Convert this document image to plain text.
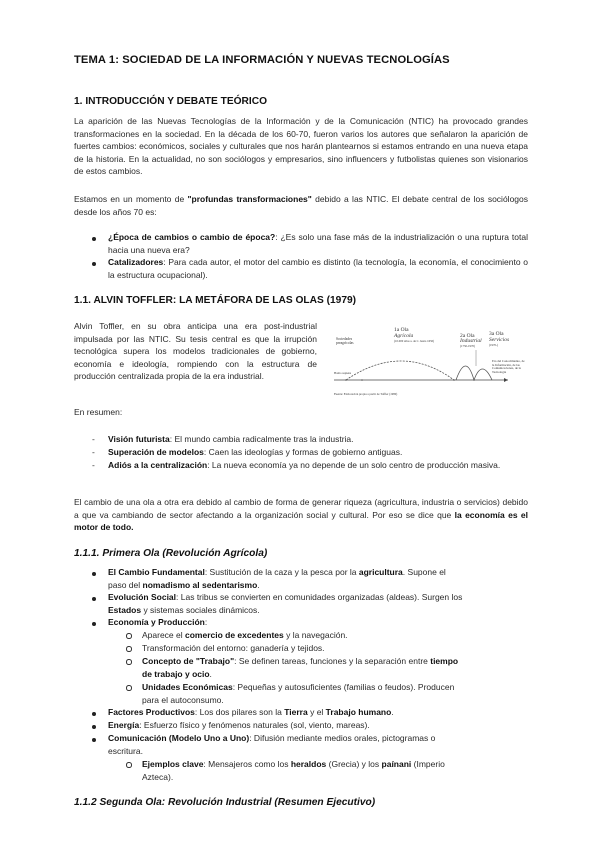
TEMA 1: SOCIEDAD DE LA INFORMACIÓN Y NUEVAS TECNOLOGÍAS
1. INTRODUCCIÓN Y DEBATE TEÓRICO

La aparición de las Nuevas Tecnologías de la Información y de la Comunicación (NTIC) ha provocado grandes transformaciones en la sociedad. En la década de los 60-70, fueron varios los autores que señalaron la aparición de fuertes cambios: económicos, sociales y culturales que nos harán plantearnos si estamos entrando en una nueva etapa de la historia. En la actualidad, no son sociólogos y empresarios, sino influencers y futbolistas quienes son visionarios de estos cambios.

Estamos en un momento de "profundas transformaciones" debido a las NTIC. El debate central de los sociólogos desde los años 70 es:

¿Época de cambios o cambio de época?: ¿Es solo una fase más de la industrialización o una ruptura total hacia una nueva era?

Catalizadores: Para cada autor, el motor del cambio es distinto (la tecnología, la economía, el conocimiento o la estructura ocupacional).

1.1. ALVIN TOFFLER: LA METÁFORA DE LAS OLAS (1979)

Alvin Toffler, en su obra anticipa una era post-industrial impulsada por las NTIC. Su tesis central es que la irrupción tecnológica supera los modelos tradicionales de gobierno, economía e ideología, rompiendo con la estructura de producción centralizada propia de la era industrial.

1a Ola
Agrícola
(10.000 años a. de C. hasta 1650)
2a Ola
Industrial
(1750-1970)
3a Ola
Servicios
(1970-)
Sociedades
preagrícolas
Homo sapiens
Fuente: Elaboración propia a partir de Toffler (1980)
Era del Conocimiento, de la Información, de las Comunicaciones, de la Tecnología
En resumen:
- Visión futurista: El mundo cambia radicalmente tras la industria.
- Superación de modelos: Caen las ideologías y formas de gobierno antiguas.
- Adiós a la centralización: La nueva economía ya no depende de un solo centro de producción masiva.

El cambio de una ola a otra era debido al cambio de forma de generar riqueza (agricultura, industria o servicios) debido a que va cambiando de sector afectando a la organización social y cultural. Por eso se dice que la economía es el motor de todo.

1.1.1. Primera Ola (Revolución Agrícola)
El Cambio Fundamental: Sustitución de la caza y la pesca por la agricultura. Supone el
paso del nomadismo al sedentarismo.
Evolución Social: Las tribus se convierten en comunidades organizadas (aldeas). Surgen los
Estados y sistemas sociales dinámicos.
Economía y Producción:
Aparece el comercio de excedentes y la navegación.
Transformación del entorno: ganadería y tejidos.
Concepto de "Trabajo": Se definen tareas, funciones y la separación entre tiempo
de trabajo y ocio.
Unidades Económicas: Pequeñas y autosuficientes (familias o feudos). Producen
para el autoconsumo.
Factores Productivos: Los dos pilares son la Tierra y el Trabajo humano.
Energía: Esfuerzo físico y fenómenos naturales (sol, viento, mareas).
Comunicación (Modelo Uno a Uno): Difusión mediante medios orales, pictogramas o
escritura.
Ejemplos clave: Mensajeros como los heraldos (Grecia) y los paínani (Imperio
Azteca).
1.1.2 Segunda Ola: Revolución Industrial (Resumen Ejecutivo)
